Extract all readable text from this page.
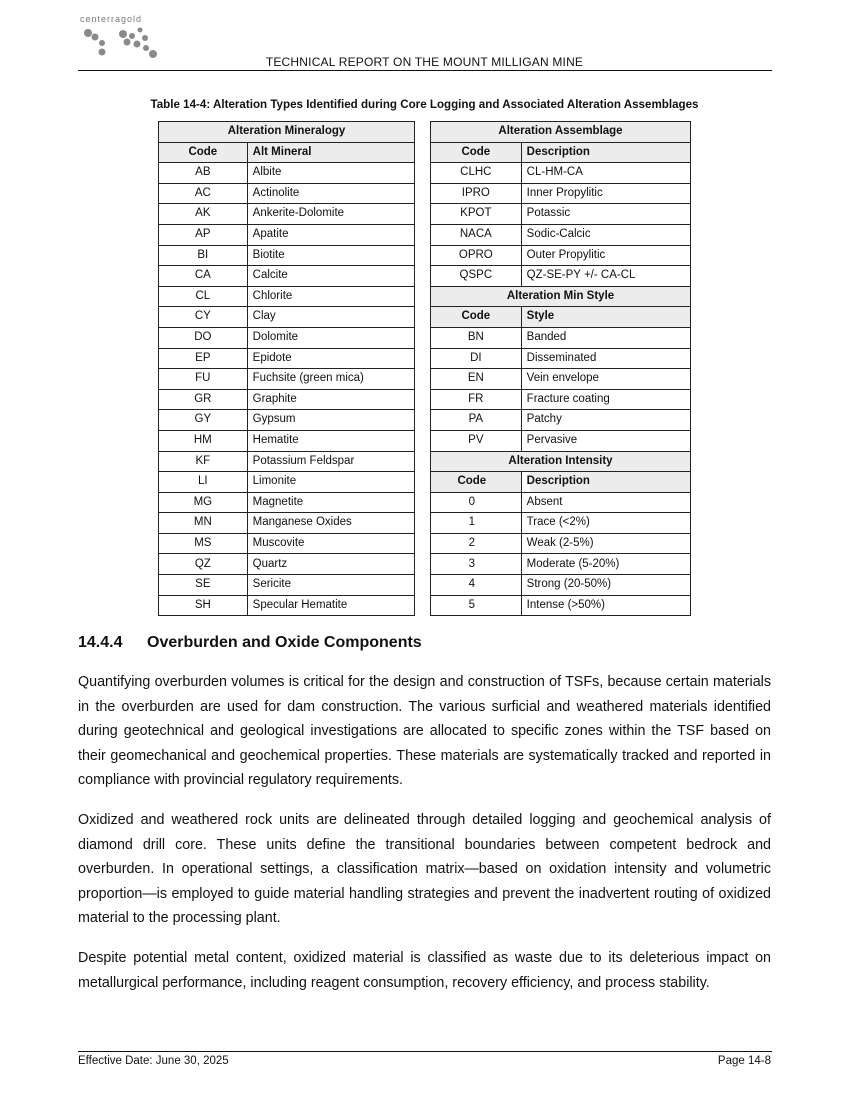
centerragold
TECHNICAL REPORT ON THE MOUNT MILLIGAN MINE
Table 14-4: Alteration Types Identified during Core Logging and Associated Alteration Assemblages
Alteration Mineralogy	
Code	Alt Mineral
AB	Albite
AC	Actinolite
AK	Ankerite-Dolomite
AP	Apatite
BI	Biotite
CA	Calcite
CL	Chlorite
CY	Clay
DO	Dolomite
EP	Epidote
FU	Fuchsite (green mica)
GR	Graphite
GY	Gypsum
HM	Hematite
KF	Potassium Feldspar
LI	Limonite
MG	Magnetite
MN	Manganese Oxides
MS	Muscovite
QZ	Quartz
SE	Sericite
SH	Specular Hematite
Alteration Assemblage	
Code	Description
CLHC	CL-HM-CA
IPRO	Inner Propylitic
KPOT	Potassic
NACA	Sodic-Calcic
OPRO	Outer Propylitic
QSPC	QZ-SE-PY +/- CA-CL
Alteration Min Style	
Code	Style
BN	Banded
DI	Disseminated
EN	Vein envelope
FR	Fracture coating
PA	Patchy
PV	Pervasive
Alteration Intensity	
Code	Description
0	Absent
1	Trace (<2%)
2	Weak (2-5%)
3	Moderate (5-20%)
4	Strong (20-50%)
5	Intense (>50%)
14.4.4 Overburden and Oxide Components

Quantifying overburden volumes is critical for the design and construction of TSFs, because certain materials in the overburden are used for dam construction. The various surficial and weathered materials identified during geotechnical and geological investigations are allocated to specific zones within the TSF based on their geomechanical and geochemical properties. These materials are systematically tracked and reported in compliance with provincial regulatory requirements.

Oxidized and weathered rock units are delineated through detailed logging and geochemical analysis of diamond drill core. These units define the transitional boundaries between competent bedrock and overburden. In operational settings, a classification matrix—based on oxidation intensity and volumetric proportion—is employed to guide material handling strategies and prevent the inadvertent routing of oxidized material to the processing plant.

Despite potential metal content, oxidized material is classified as waste due to its deleterious impact on metallurgical performance, including reagent consumption, recovery efficiency, and process stability.

Effective Date: June 30, 2025	Page 14-8
